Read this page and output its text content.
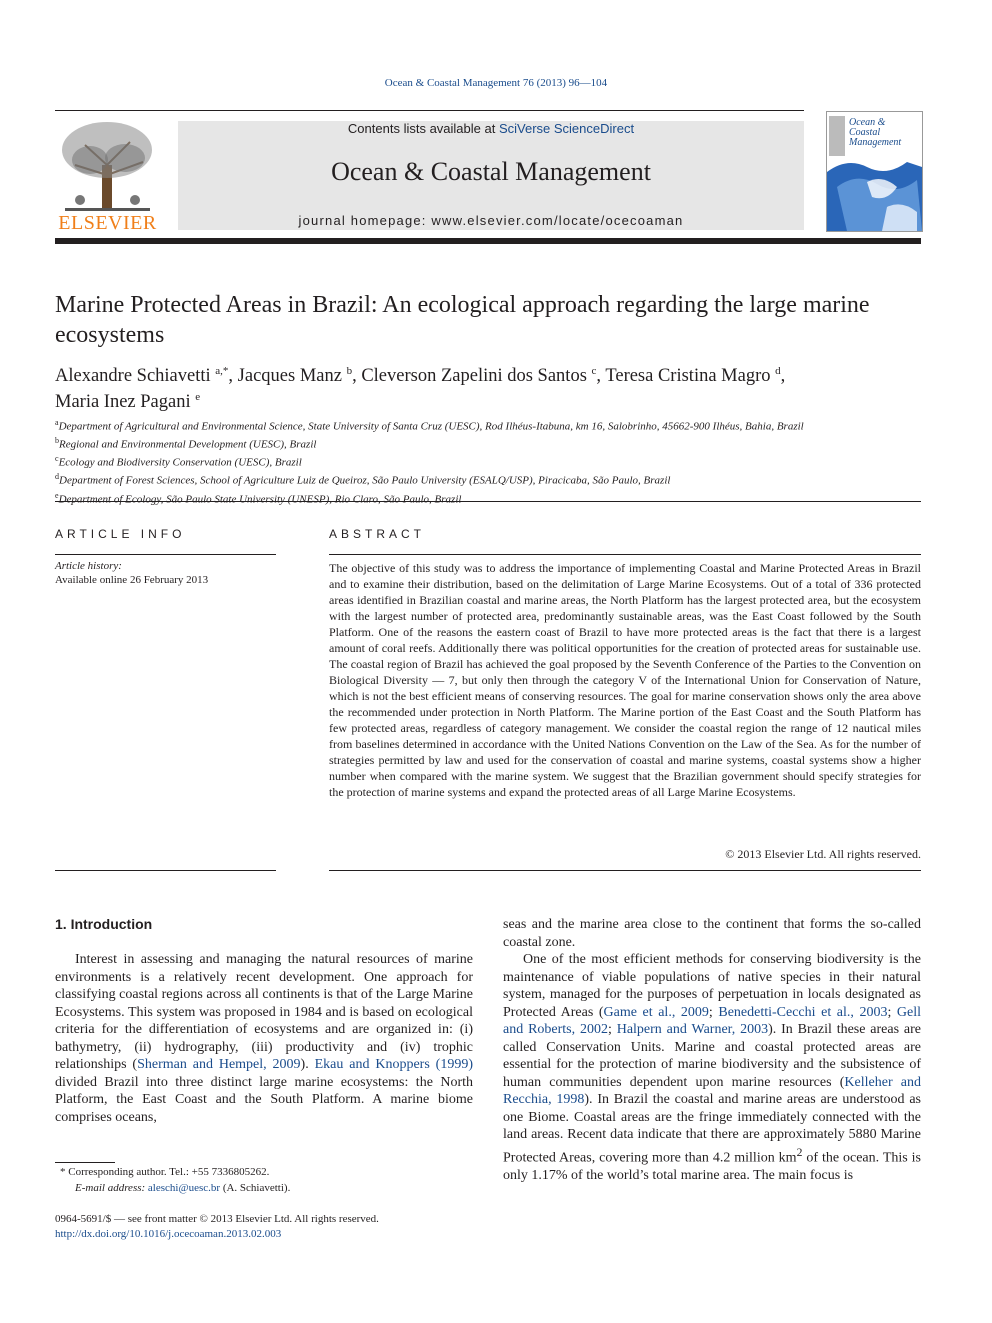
Ocean & Coastal Management 76 (2013) 96—104
ELSEVIER
Contents lists available at SciVerse ScienceDirect
Ocean & Coastal Management
journal homepage: www.elsevier.com/locate/ocecoaman
Ocean & Coastal Management
Marine Protected Areas in Brazil: An ecological approach regarding the large marine ecosystems
Alexandre Schiavetti $^{a,*}$, Jacques Manz $^b$, Cleverson Zapelini dos Santos $^c$, Teresa Cristina Magro $^d$,
Maria Inez Pagani $^e$
$^a$Department of Agricultural and Environmental Science, State University of Santa Cruz (UESC), Rod Ilhéus-Itabuna, km 16, Salobrinho, 45662-900 Ilhéus, Bahia, Brazil
$^b$Regional and Environmental Development (UESC), Brazil
$^c$Ecology and Biodiversity Conservation (UESC), Brazil
$^d$Department of Forest Sciences, School of Agriculture Luiz de Queiroz, São Paulo University (ESALQ/USP), Piracicaba, São Paulo, Brazil
$^e$Department of Ecology, São Paulo State University (UNESP), Rio Claro, São Paulo, Brazil
ARTICLE INFO
Article history:
Available online 26 February 2013
ABSTRACT
The objective of this study was to address the importance of implementing Coastal and Marine Protected Areas in Brazil and to examine their distribution, based on the delimitation of Large Marine Ecosystems. Out of a total of 336 protected areas identified in Brazilian coastal and marine areas, the North Platform has the largest protected area, but the ecosystem with the largest number of protected area, predominantly sustainable areas, was the East Coast followed by the South Platform. One of the reasons the eastern coast of Brazil to have more protected areas is the fact that there is a largest amount of coral reefs. Additionally there was political opportunities for the creation of protected areas for sustainable use. The coastal region of Brazil has achieved the goal proposed by the Seventh Conference of the Parties to the Convention on Biological Diversity — 7, but only then through the category V of the International Union for Conservation of Nature, which is not the best efficient means of conserving resources. The goal for marine conservation shows only the area above the recommended under protection in North Platform. The Marine portion of the East Coast and the South Platform has few protected areas, regardless of category management. We consider the coastal region the range of 12 nautical miles from baselines determined in accordance with the United Nations Convention on the Law of the Sea. As for the number of strategies permitted by law and used for the conservation of coastal and marine systems, coastal systems show a higher number when compared with the marine system. We suggest that the Brazilian government should specify strategies for the protection of marine systems and expand the protected areas of all Large Marine Ecosystems.
© 2013 Elsevier Ltd. All rights reserved.
1. Introduction

Interest in assessing and managing the natural resources of marine environments is a relatively recent development. One approach for classifying coastal regions across all continents is that of the Large Marine Ecosystems. This system was proposed in 1984 and is based on ecological criteria for the differentiation of ecosystems and are organized in: (i) bathymetry, (ii) hydrography, (iii) productivity and (iv) trophic relationships (Sherman and Hempel, 2009). Ekau and Knoppers (1999) divided Brazil into three distinct large marine ecosystems: the North Platform, the East Coast and the South Platform. A marine biome comprises oceans,

seas and the marine area close to the continent that forms the so-called coastal zone.

One of the most efficient methods for conserving biodiversity is the maintenance of viable populations of native species in their natural system, managed for the purposes of perpetuation in locals designated as Protected Areas (Game et al., 2009; Benedetti-Cecchi et al., 2003; Gell and Roberts, 2002; Halpern and Warner, 2003). In Brazil these areas are called Conservation Units. Marine and coastal protected areas are essential for the protection of marine biodiversity and the subsistence of human communities dependent upon marine resources (Kelleher and Recchia, 1998). In Brazil the coastal and marine areas are understood as one Biome. Coastal areas are the fringe immediately connected with the land areas. Recent data indicate that there are approximately 5880 Marine Protected Areas, covering more than 4.2 million $km^2$ of the ocean. This is only 1.17% of the world’s total marine area. The main focus is

* Corresponding author. Tel.: +55 7336805262.
E-mail address: aleschi@uesc.br (A. Schiavetti).
0964-5691/$ — see front matter © 2013 Elsevier Ltd. All rights reserved.
http://dx.doi.org/10.1016/j.ocecoaman.2013.02.003
